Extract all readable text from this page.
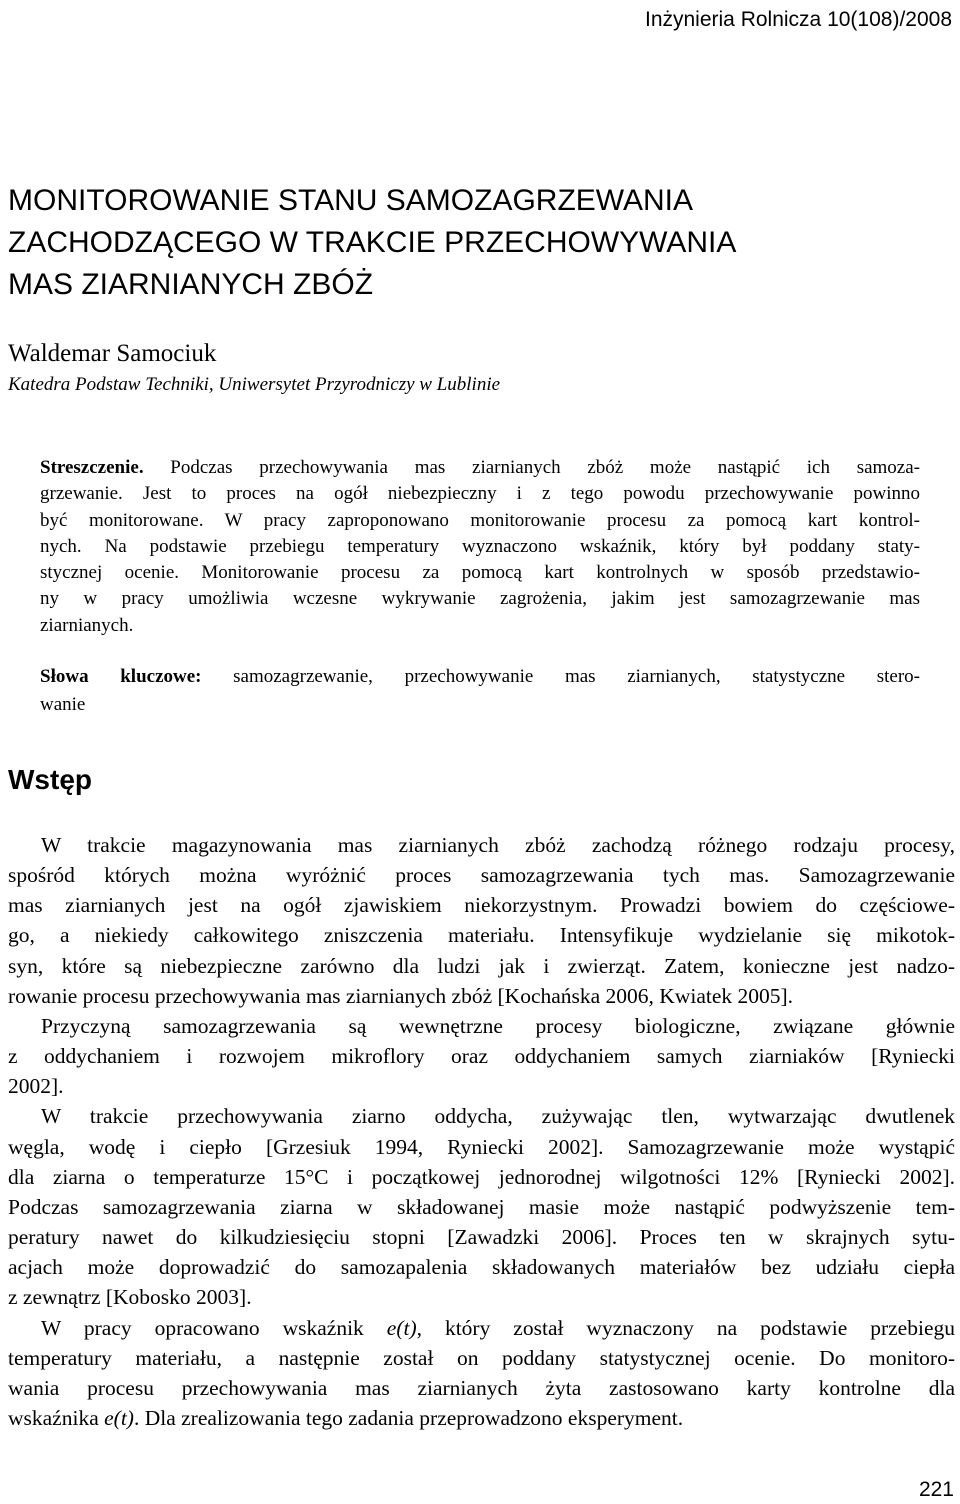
Inżynieria Rolnicza 10(108)/2008
MONITOROWANIE STANU SAMOZAGRZEWANIA
ZACHODZĄCEGO W TRAKCIE PRZECHOWYWANIA
MAS ZIARNIANYCH ZBÓŻ
Waldemar Samociuk
Katedra Podstaw Techniki, Uniwersytet Przyrodniczy w Lublinie
Streszczenie. Podczas przechowywania mas ziarnianych zbóż może nastąpić ich samoza-
grzewanie. Jest to proces na ogół niebezpieczny i z tego powodu przechowywanie powinno
być monitorowane. W pracy zaproponowano monitorowanie procesu za pomocą kart kontrol-
nych. Na podstawie przebiegu temperatury wyznaczono wskaźnik, który był poddany staty-
stycznej ocenie. Monitorowanie procesu za pomocą kart kontrolnych w sposób przedstawio-
ny w pracy umożliwia wczesne wykrywanie zagrożenia, jakim jest samozagrzewanie mas
ziarnianych.
Słowa kluczowe: samozagrzewanie, przechowywanie mas ziarnianych, statystyczne stero-
wanie
Wstęp
W trakcie magazynowania mas ziarnianych zbóż zachodzą różnego rodzaju procesy,
spośród których można wyróżnić proces samozagrzewania tych mas. Samozagrzewanie
mas ziarnianych jest na ogół zjawiskiem niekorzystnym. Prowadzi bowiem do częściowe-
go, a niekiedy całkowitego zniszczenia materiału. Intensyfikuje wydzielanie się mikotok-
syn, które są niebezpieczne zarówno dla ludzi jak i zwierząt. Zatem, konieczne jest nadzo-
rowanie procesu przechowywania mas ziarnianych zbóż [Kochańska 2006, Kwiatek 2005].
Przyczyną samozagrzewania są wewnętrzne procesy biologiczne, związane głównie
z oddychaniem i rozwojem mikroflory oraz oddychaniem samych ziarniaków [Ryniecki
2002].
W trakcie przechowywania ziarno oddycha, zużywając tlen, wytwarzając dwutlenek
węgla, wodę i ciepło [Grzesiuk 1994, Ryniecki 2002]. Samozagrzewanie może wystąpić
dla ziarna o temperaturze 15°C i początkowej jednorodnej wilgotności 12% [Ryniecki 2002].
Podczas samozagrzewania ziarna w składowanej masie może nastąpić podwyższenie tem-
peratury nawet do kilkudziesięciu stopni [Zawadzki 2006]. Proces ten w skrajnych sytu-
acjach może doprowadzić do samozapalenia składowanych materiałów bez udziału ciepła
z zewnątrz [Kobosko 2003].
W pracy opracowano wskaźnik e(t), który został wyznaczony na podstawie przebiegu
temperatury materiału, a następnie został on poddany statystycznej ocenie. Do monitoro-
wania procesu przechowywania mas ziarnianych żyta zastosowano karty kontrolne dla
wskaźnika e(t). Dla zrealizowania tego zadania przeprowadzono eksperyment.
221
